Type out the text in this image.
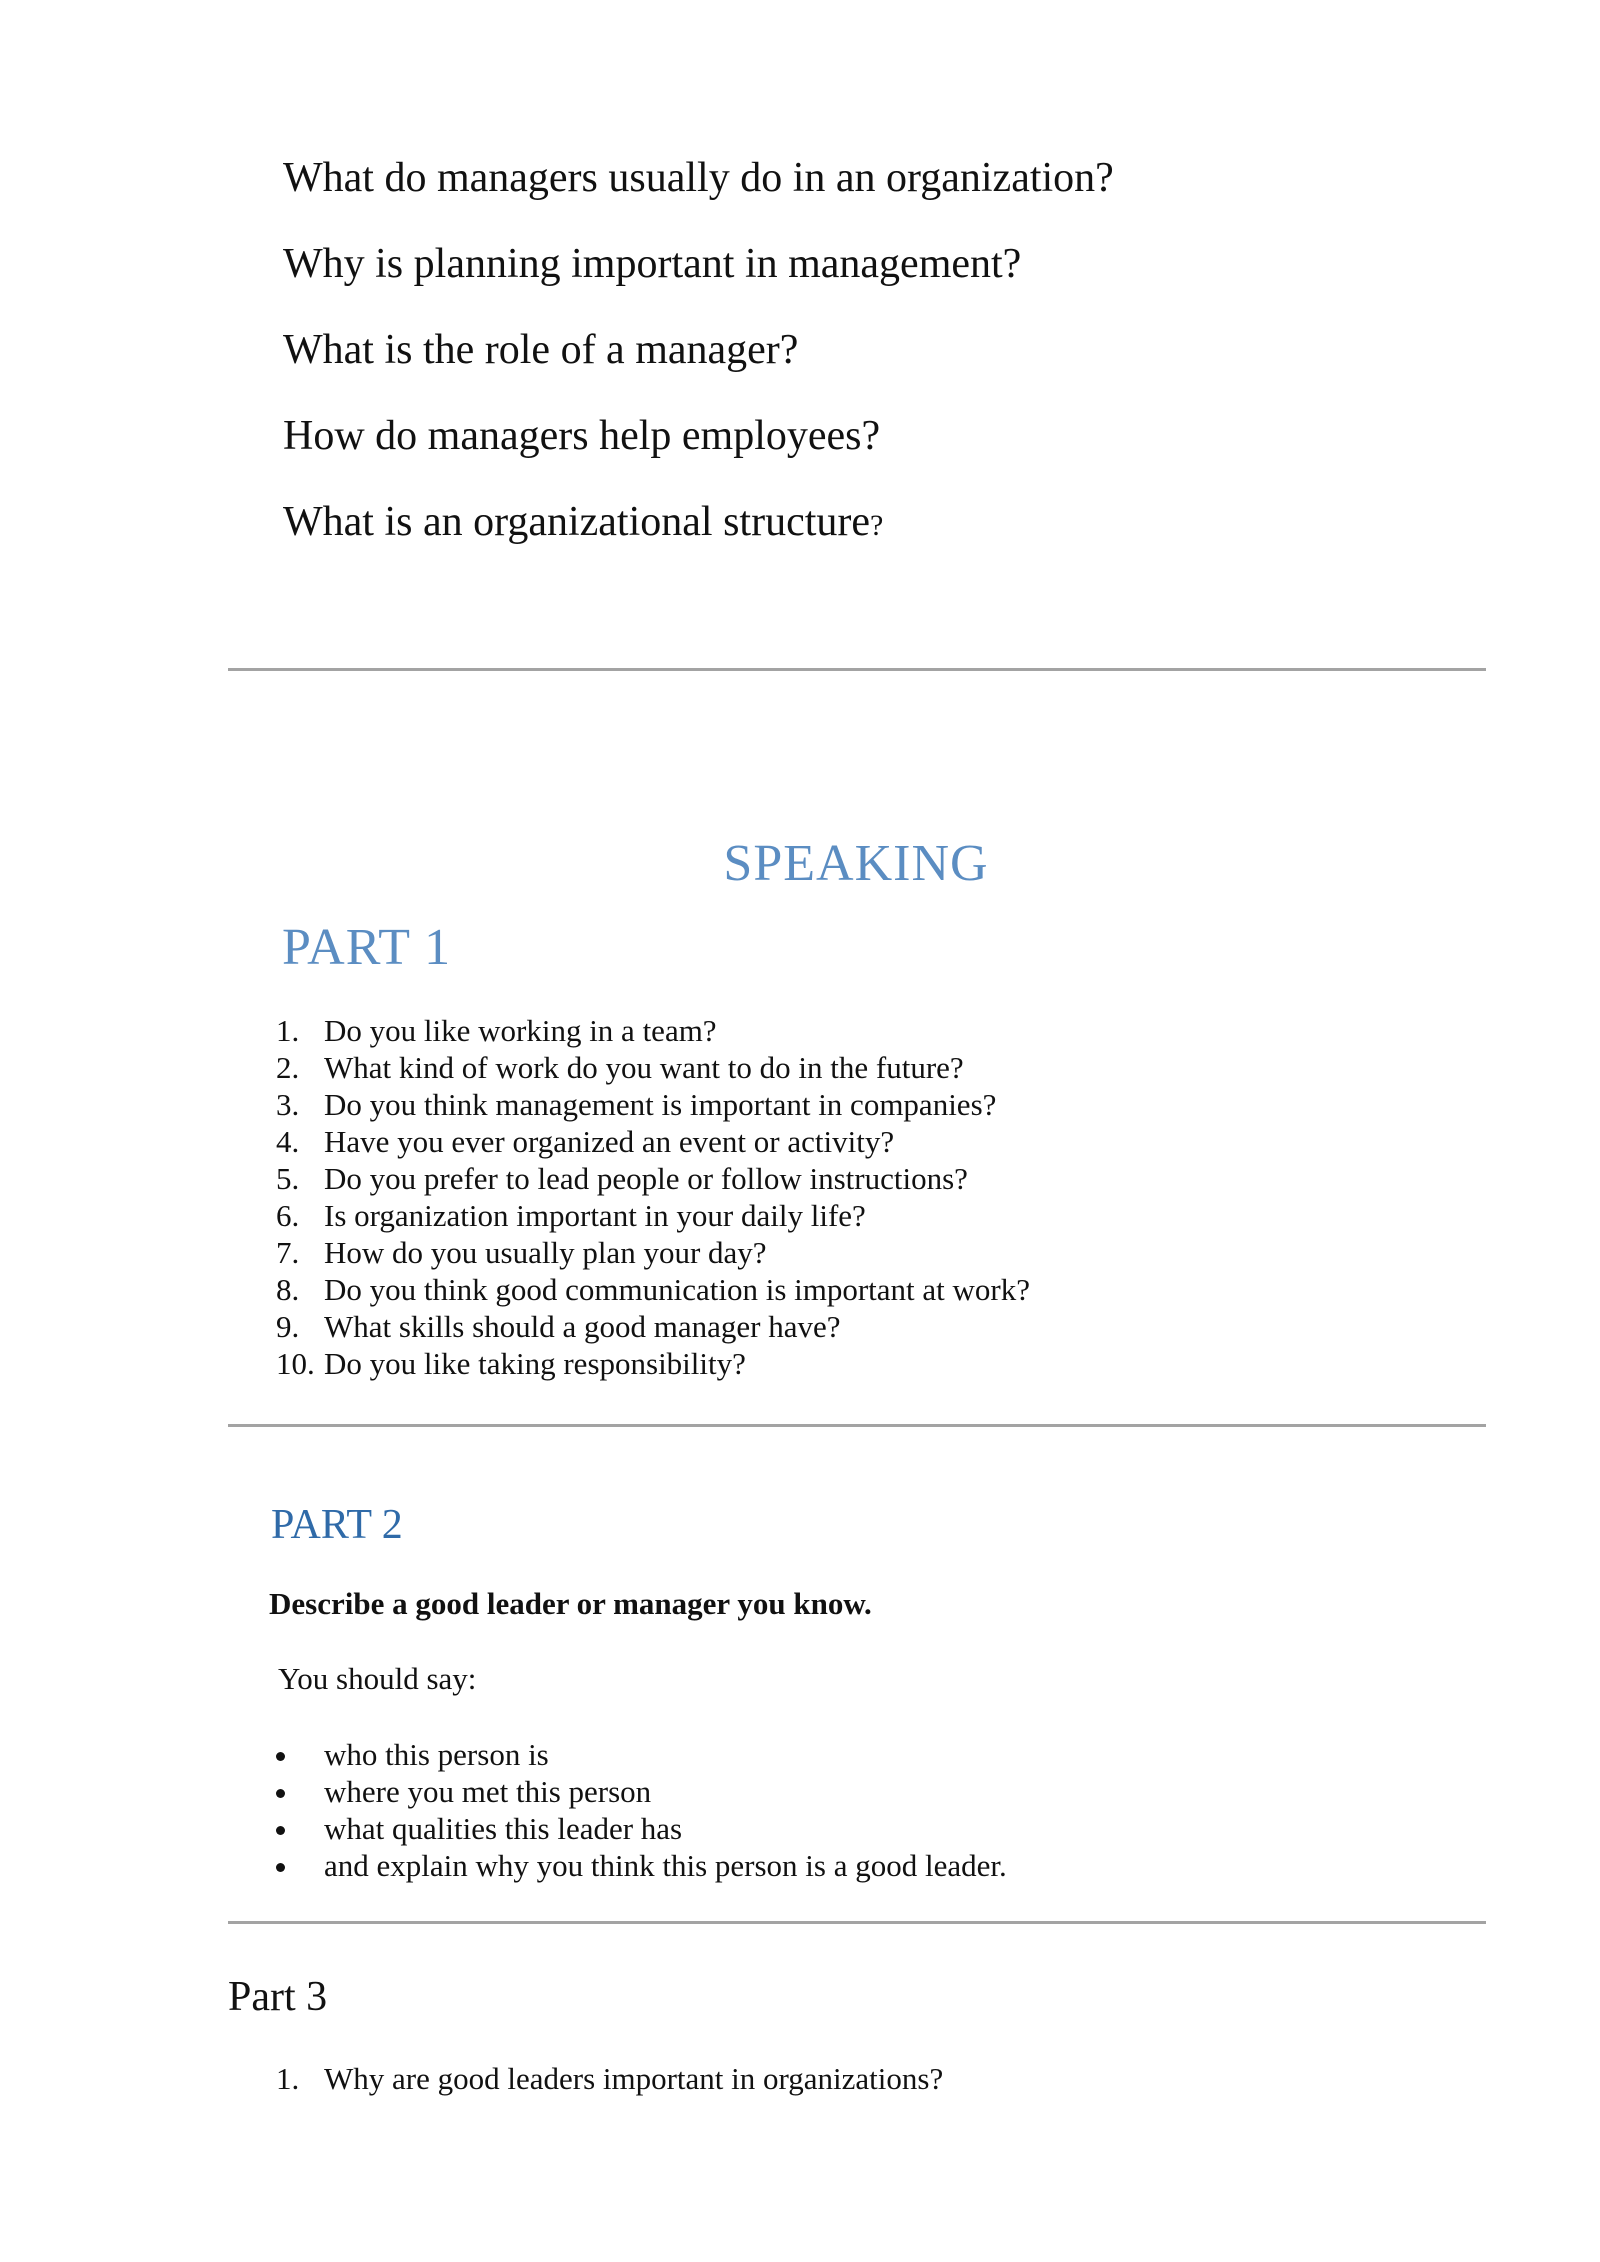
What do managers usually do in an organization?
Why is planning important in management?
What is the role of a manager?
How do managers help employees?
What is an organizational structure?
SPEAKING
PART 1
1. Do you like working in a team?
2. What kind of work do you want to do in the future?
3. Do you think management is important in companies?
4. Have you ever organized an event or activity?
5. Do you prefer to lead people or follow instructions?
6. Is organization important in your daily life?
7. How do you usually plan your day?
8. Do you think good communication is important at work?
9. What skills should a good manager have?
10. Do you like taking responsibility?
PART 2
Describe a good leader or manager you know.
You should say:
who this person is
where you met this person
what qualities this leader has
and explain why you think this person is a good leader.
Part 3
1. Why are good leaders important in organizations?
